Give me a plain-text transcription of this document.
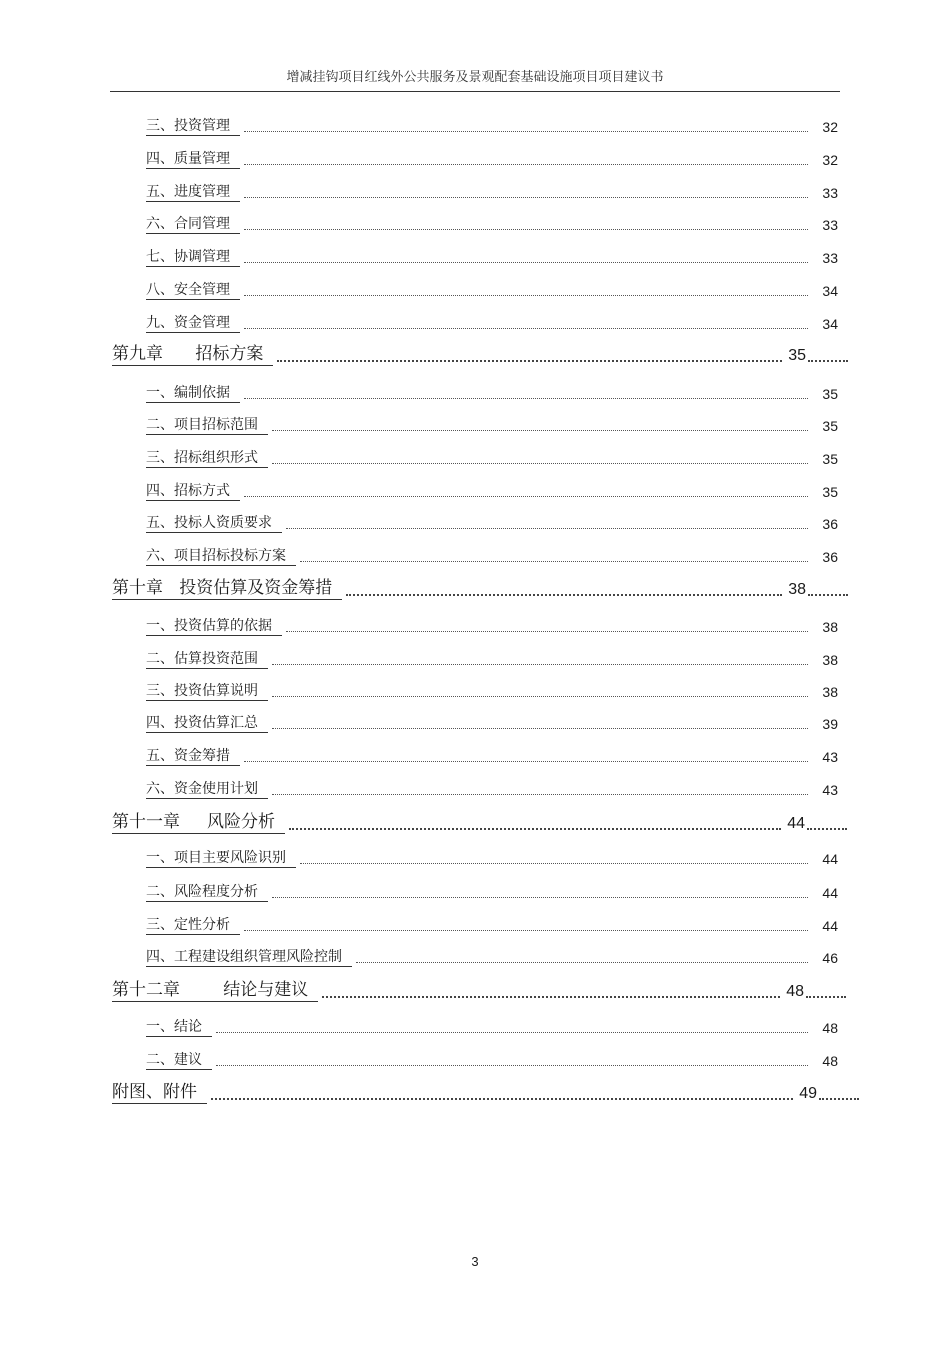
增减挂钩项目红线外公共服务及景观配套基础设施项目项目建议书
三、投资管理	32
四、质量管理	32
五、进度管理	33
六、合同管理	33
七、协调管理	33
八、安全管理	34
九、资金管理	34
第九章      招标方案	35
一、编制依据	35
二、项目招标范围	35
三、招标组织形式	35
四、招标方式	35
五、投标人资质要求	36
六、项目招标投标方案	36
第十章   投资估算及资金筹措	38
一、投资估算的依据	38
二、估算投资范围	38
三、投资估算说明	38
四、投资估算汇总	39
五、资金筹措	43
六、资金使用计划	43
第十一章     风险分析	44
一、项目主要风险识别	44
二、风险程度分析	44
三、定性分析	44
四、工程建设组织管理风险控制	46
第十二章        结论与建议	48
一、结论	48
二、建议	48
附图、附件	49
3
